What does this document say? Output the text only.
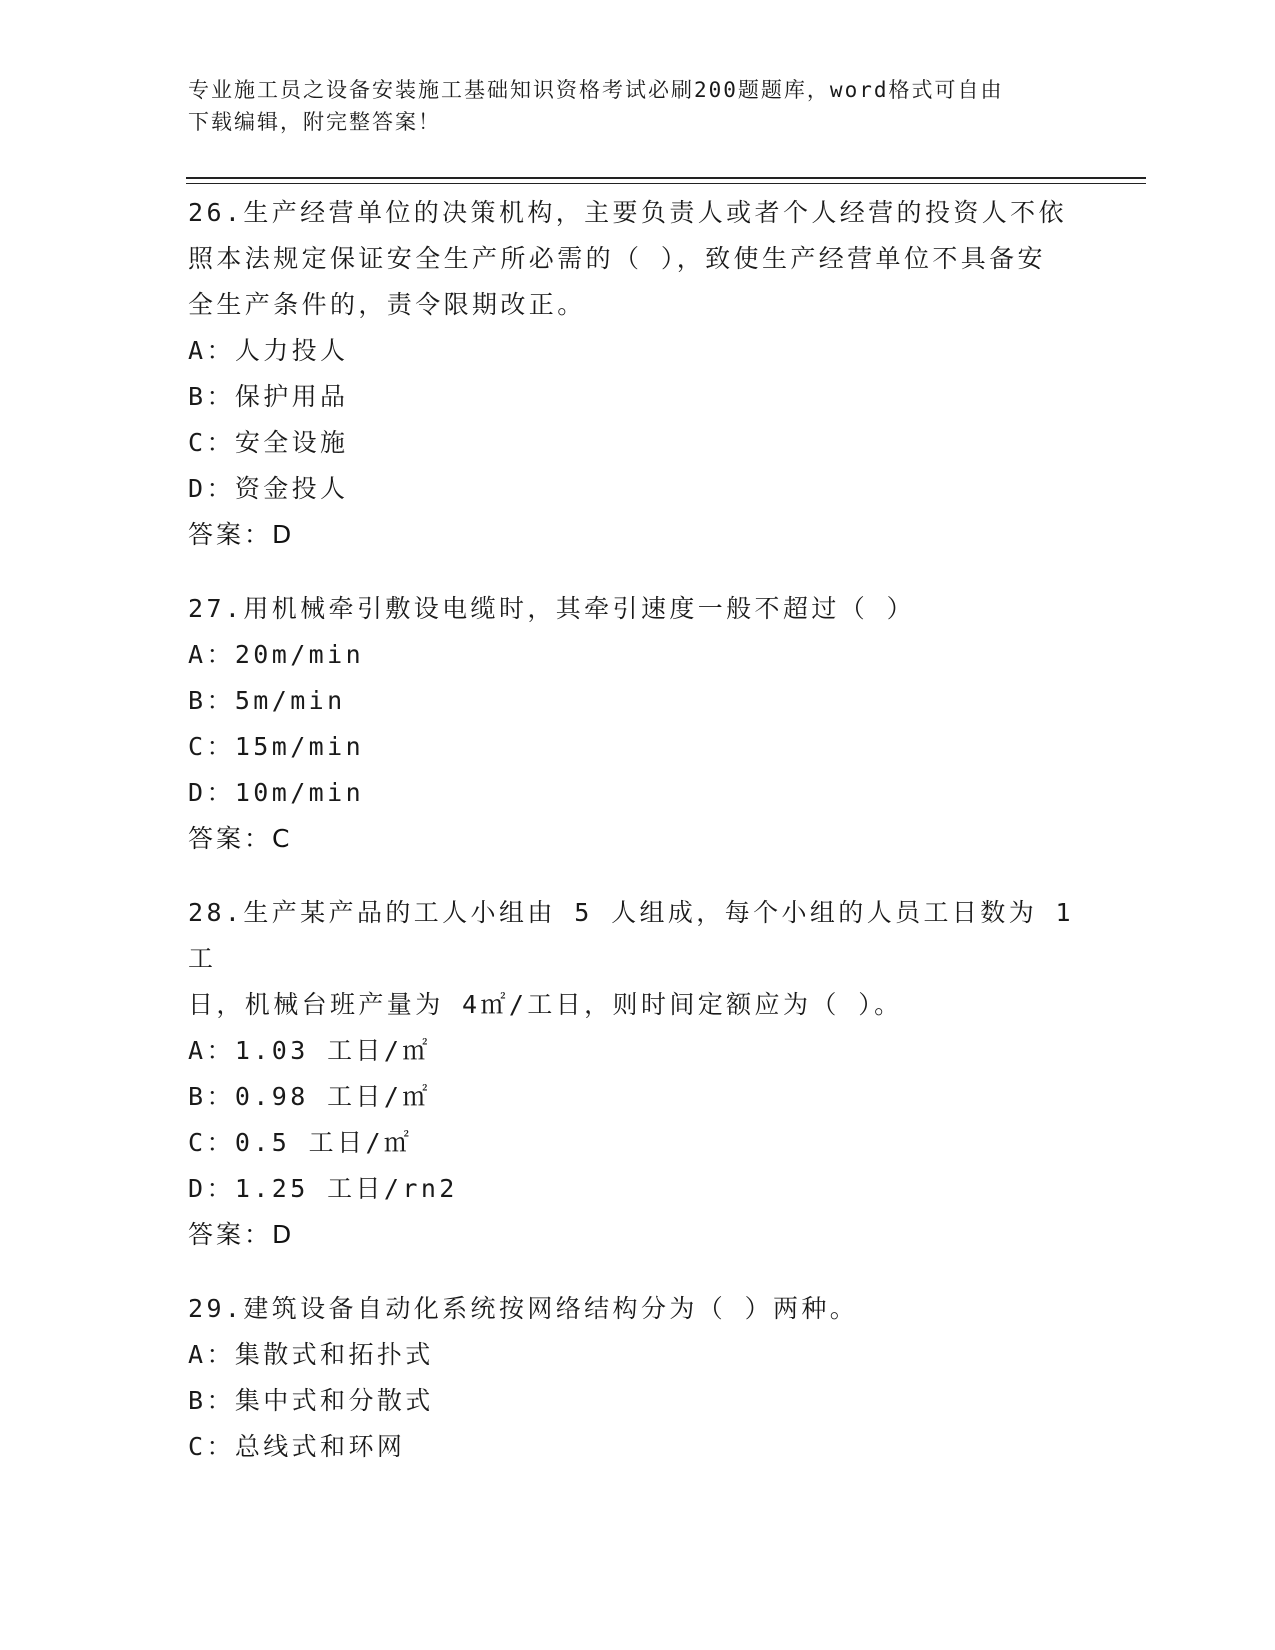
专业施工员之设备安装施工基础知识资格考试必刷200题题库，word格式可自由
下载编辑，附完整答案！

26.生产经营单位的决策机构，主要负责人或者个人经营的投资人不依

照本法规定保证安全生产所必需的（ ），致使生产经营单位不具备安

全生产条件的，责令限期改正。

A：人力投人

B：保护用品

C：安全设施

D：资金投人

答案：D

27.用机械牵引敷设电缆时，其牵引速度一般不超过（ ）

A：20m/min

B：5m/min

C：15m/min

D：10m/min

答案：C

28.生产某产品的工人小组由 5 人组成，每个小组的人员工日数为 1 工

日，机械台班产量为 4㎡/工日，则时间定额应为（ ）。

A：1.03 工日/㎡

B：0.98 工日/㎡

C：0.5 工日/㎡

D：1.25 工日/rn2

答案：D

29.建筑设备自动化系统按网络结构分为（ ）两种。

A：集散式和拓扑式

B：集中式和分散式

C：总线式和环网
